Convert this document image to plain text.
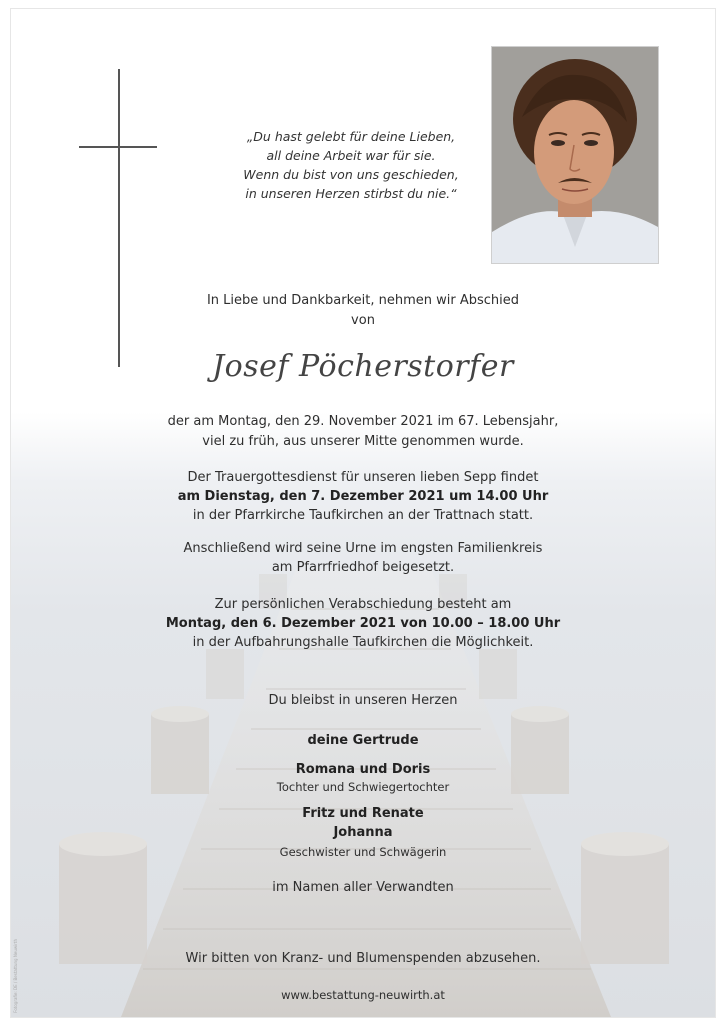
„Du hast gelebt für deine Lieben,
all deine Arbeit war für sie.
Wenn du bist von uns geschieden,
in unseren Herzen stirbst du nie.“
In Liebe und Dankbarkeit, nehmen wir Abschied
von
Josef Pöcherstorfer
der am Montag, den 29. November 2021 im 67. Lebensjahr,
viel zu früh, aus unserer Mitte genommen wurde.
Der Trauergottesdienst für unseren lieben Sepp findet
am Dienstag, den 7. Dezember 2021 um 14.00 Uhr
in der Pfarrkirche Taufkirchen an der Trattnach statt.
Anschließend wird seine Urne im engsten Familienkreis
am Pfarrfriedhof beigesetzt.
Zur persönlichen Verabschiedung besteht am
Montag, den 6. Dezember 2021 von 10.00 – 18.00 Uhr
in der Aufbahrungshalle Taufkirchen die Möglichkeit.
Du bleibst in unseren Herzen
deine Gertrude
Romana und Doris
Tochter und Schwiegertochter
Fritz und Renate
Johanna
Geschwister und Schwägerin
im Namen aller Verwandten
Wir bitten von Kranz- und Blumenspenden abzusehen.
www.bestattung-neuwirth.at
Fotografie: DE / Bestattung Neuwirth
